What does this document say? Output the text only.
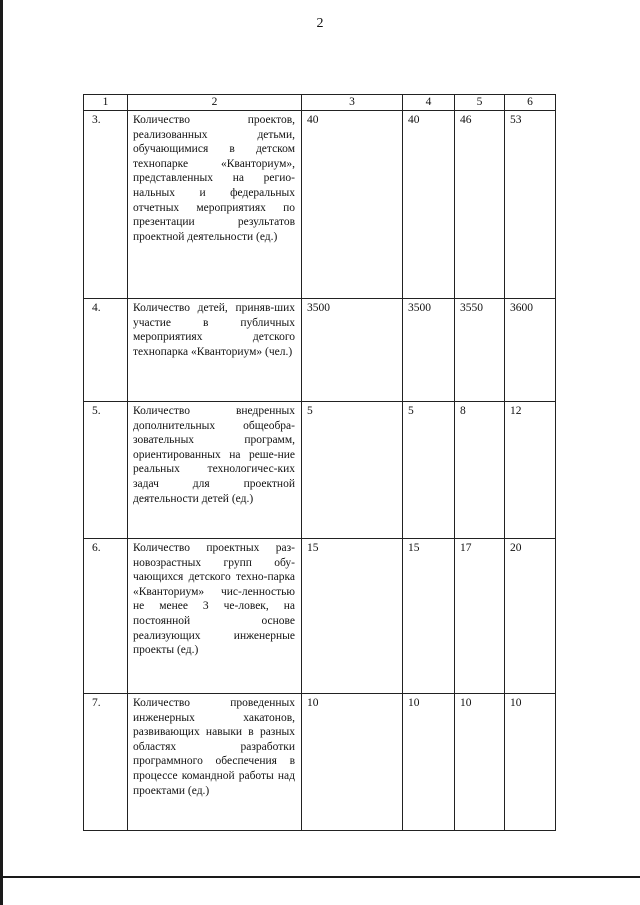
2
1	2	3	4	5	6
3.	Количество проектов, реализованных детьми, обучающимися в детском технопарке «Кванториум», представленных на регио-нальных и федеральных отчетных мероприятиях по презентации результатов проектной деятельности (ед.)	40	40	46	53
4.	Количество детей, приняв-ших участие в публичных мероприятиях детского технопарка «Кванториум» (чел.)	3500	3500	3550	3600
5.	Количество внедренных дополнительных общеобра-зовательных программ, ориентированных на реше-ние реальных технологичес-ких задач для проектной деятельности детей (ед.)	5	5	8	12
6.	Количество проектных раз-новозрастных групп обу-чающихся детского техно-парка «Кванториум» чис-ленностью не менее 3 че-ловек, на постоянной основе реализующих инженерные проекты (ед.)	15	15	17	20
7.	Количество проведенных инженерных хакатонов, развивающих навыки в разных областях разработки программного обеспечения в процессе командной работы над проектами (ед.)	10	10	10	10
